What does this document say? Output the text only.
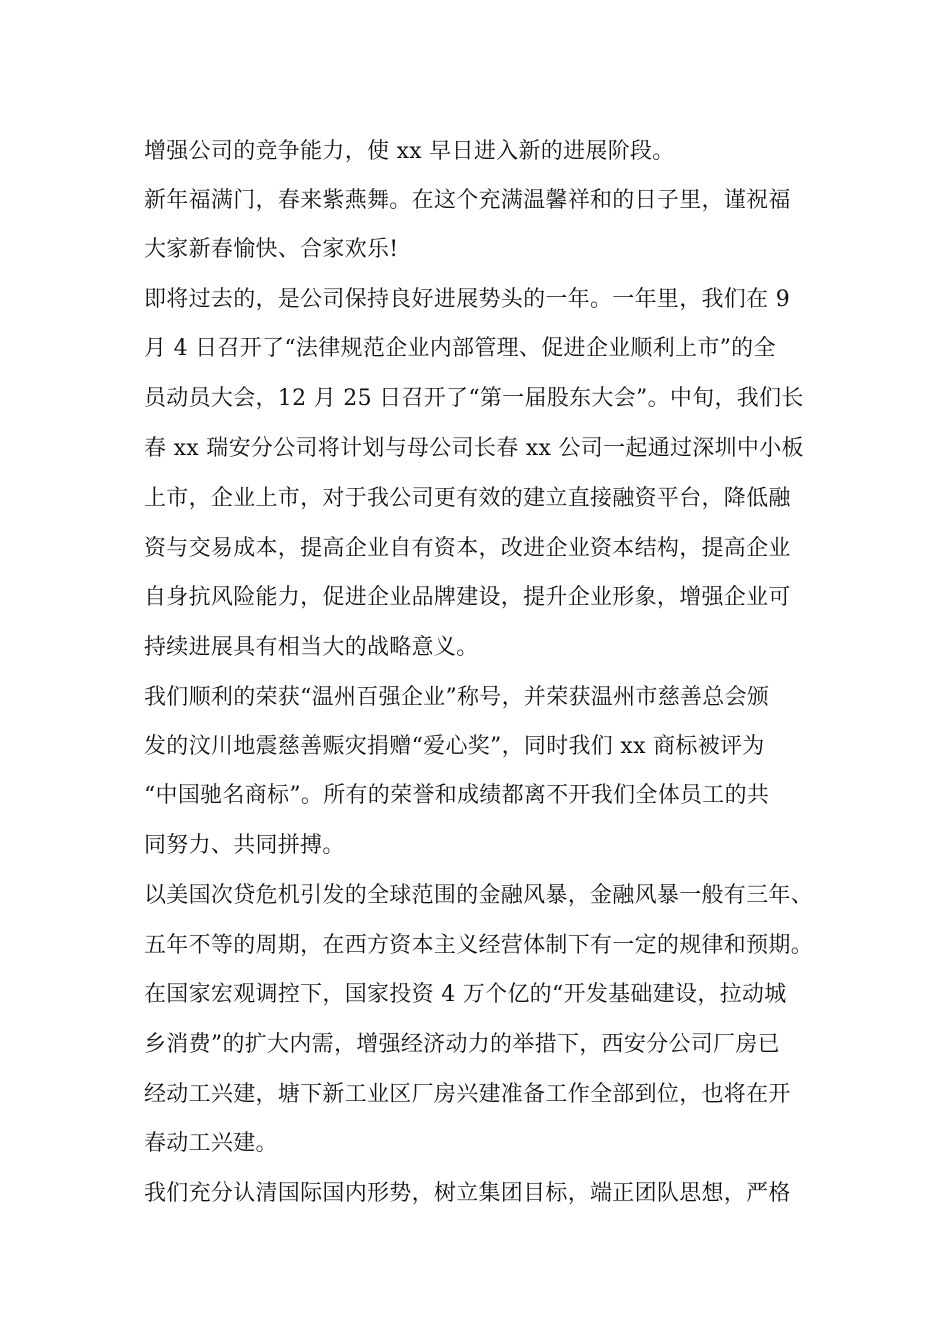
增强公司的竞争能力，使 xx 早日进入新的进展阶段。
新年福满门，春来紫燕舞。在这个充满温馨祥和的日子里，谨祝福
大家新春愉快、合家欢乐!
即将过去的，是公司保持良好进展势头的一年。一年里，我们在 9
月 4 日召开了“法律规范企业内部管理、促进企业顺利上市”的全
员动员大会，12 月 25 日召开了“第一届股东大会”。中旬，我们长
春 xx 瑞安分公司将计划与母公司长春 xx 公司一起通过深圳中小板
上市，企业上市，对于我公司更有效的建立直接融资平台，降低融
资与交易成本，提高企业自有资本，改进企业资本结构，提高企业
自身抗风险能力，促进企业品牌建设，提升企业形象，增强企业可
持续进展具有相当大的战略意义。
我们顺利的荣获“温州百强企业”称号，并荣获温州市慈善总会颁
发的汶川地震慈善赈灾捐赠“爱心奖”，同时我们 xx 商标被评为
“中国驰名商标”。所有的荣誉和成绩都离不开我们全体员工的共
同努力、共同拼搏。
以美国次贷危机引发的全球范围的金融风暴，金融风暴一般有三年、
五年不等的周期，在西方资本主义经营体制下有一定的规律和预期。
在国家宏观调控下，国家投资 4 万个亿的“开发基础建设，拉动城
乡消费”的扩大内需，增强经济动力的举措下，西安分公司厂房已
经动工兴建，塘下新工业区厂房兴建准备工作全部到位，也将在开
春动工兴建。
我们充分认清国际国内形势，树立集团目标，端正团队思想，严格
